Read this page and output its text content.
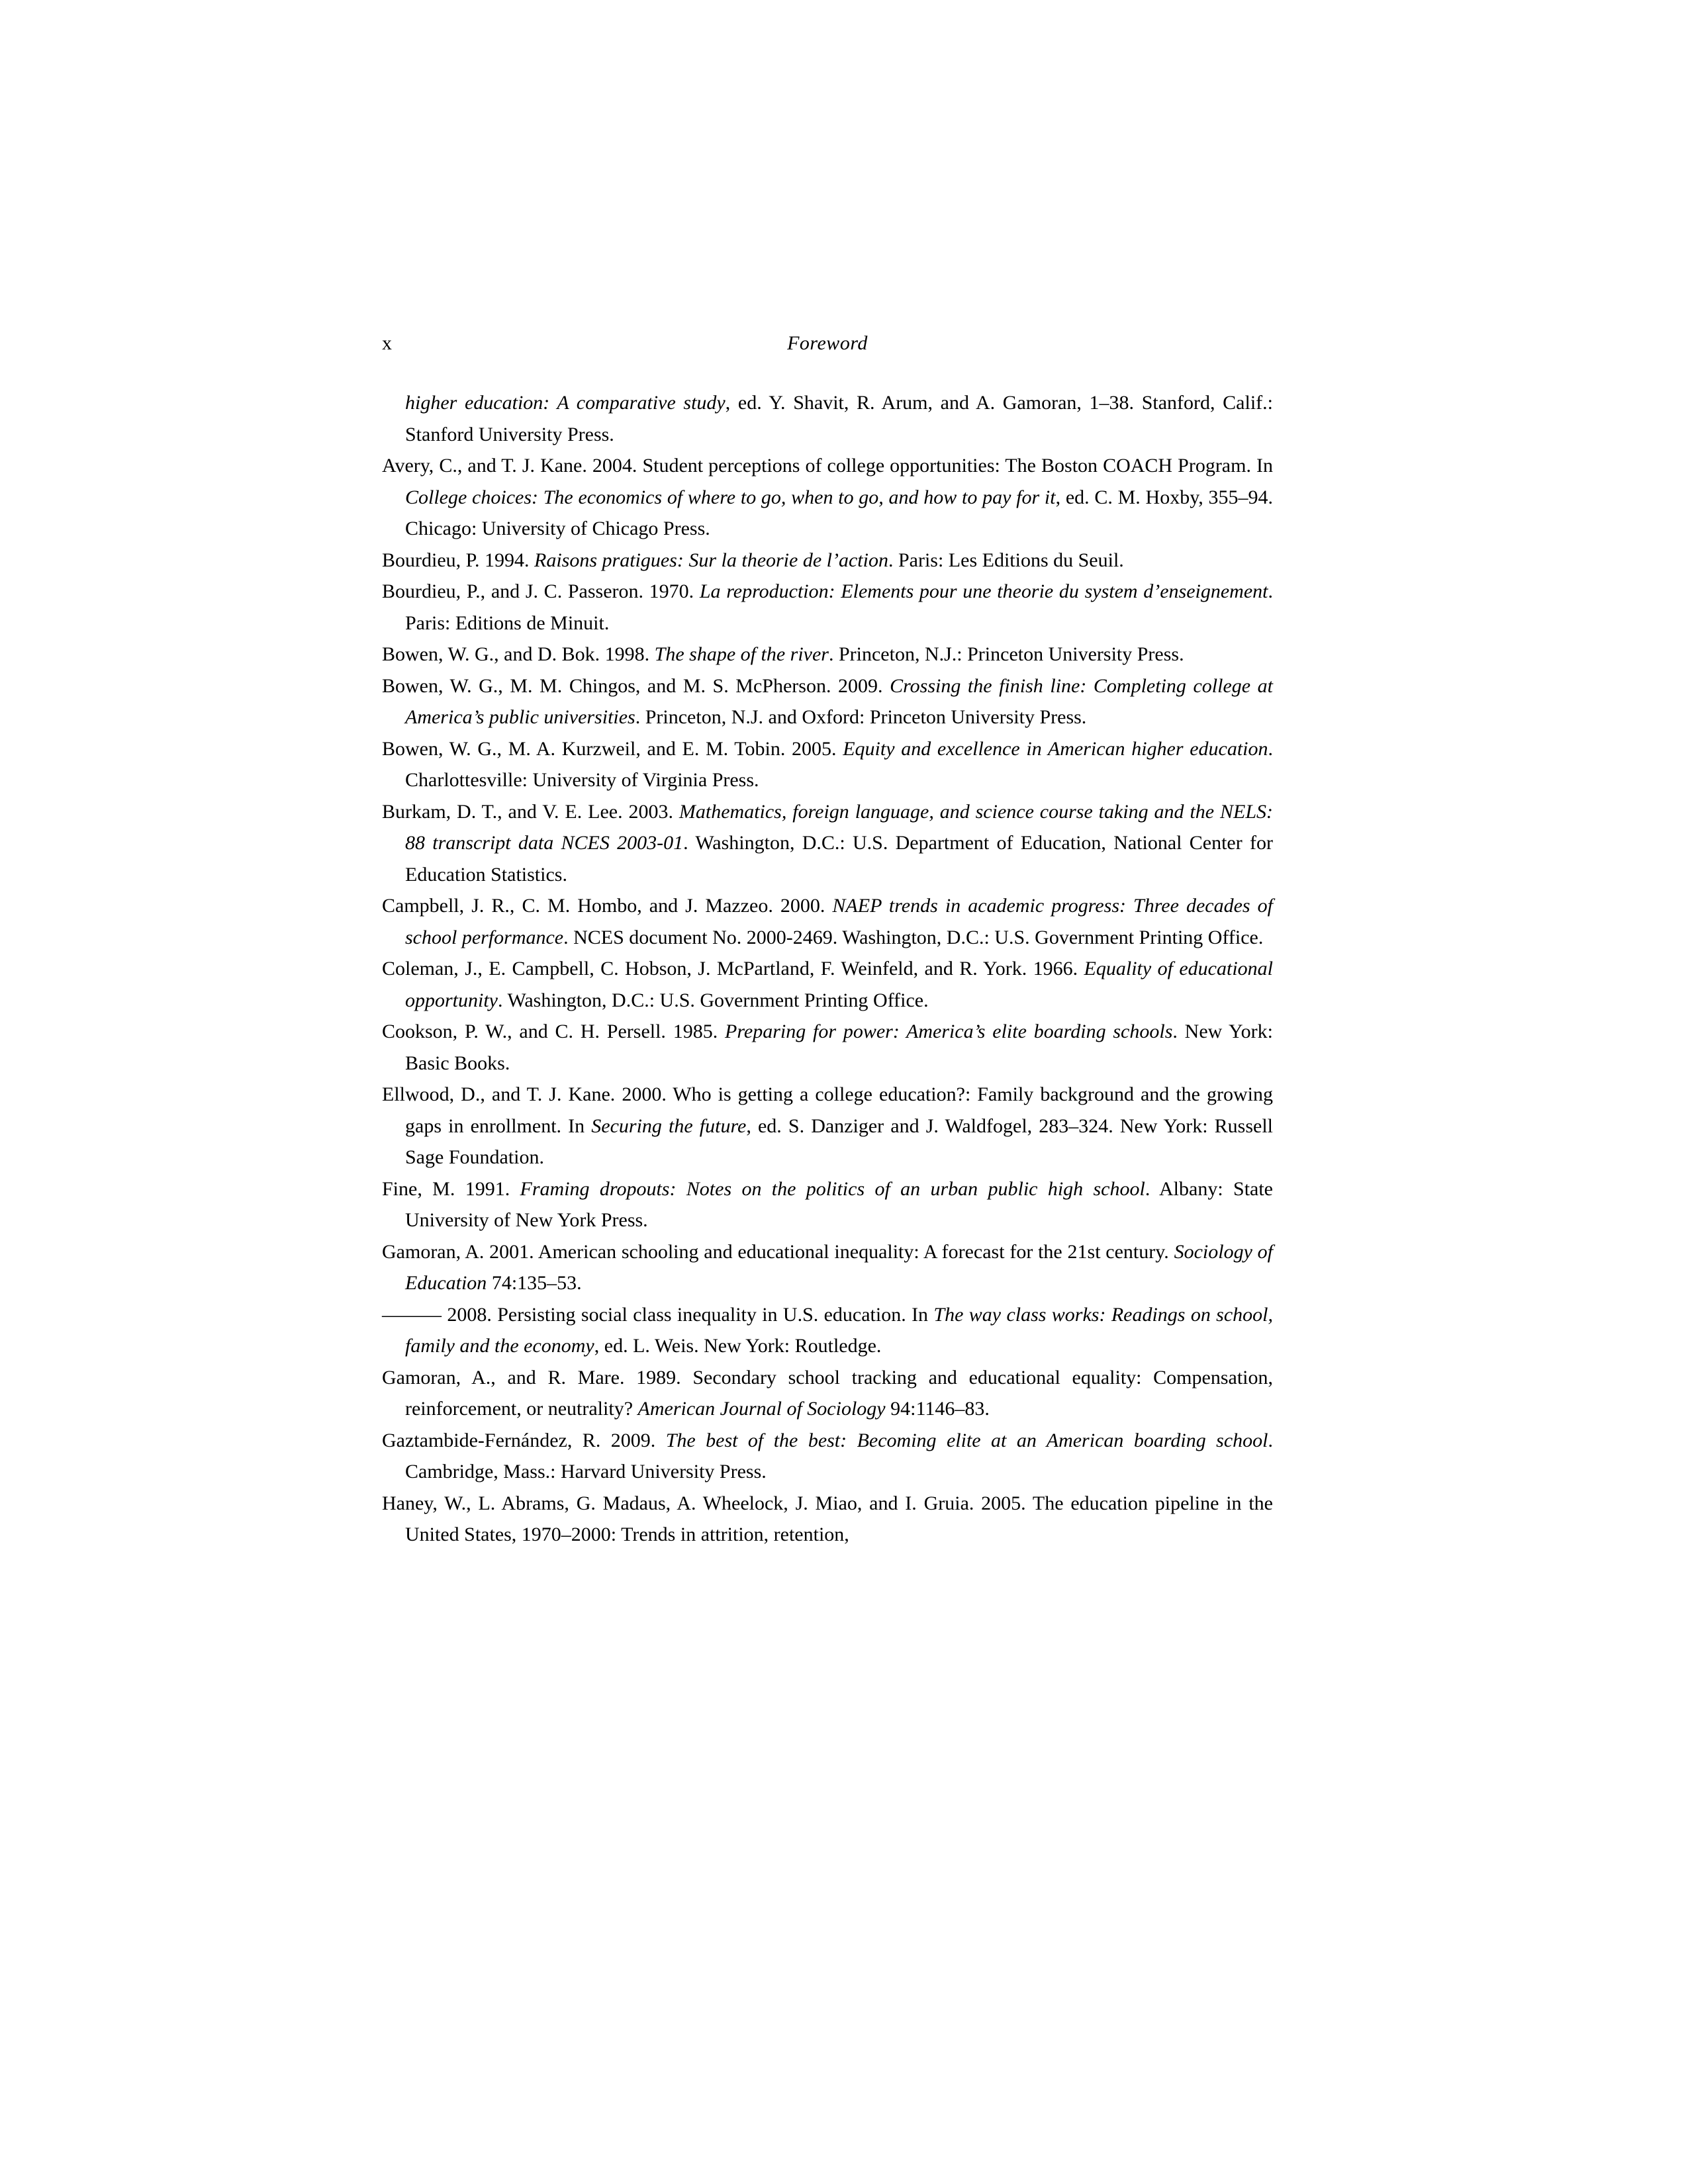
x	Foreword

higher education: A comparative study, ed. Y. Shavit, R. Arum, and A. Gamoran, 1–38. Stanford, Calif.: Stanford University Press.

Avery, C., and T. J. Kane. 2004. Student perceptions of college opportunities: The Boston COACH Program. In College choices: The economics of where to go, when to go, and how to pay for it, ed. C. M. Hoxby, 355–94. Chicago: University of Chicago Press.

Bourdieu, P. 1994. Raisons pratigues: Sur la theorie de l’action. Paris: Les Editions du Seuil.

Bourdieu, P., and J. C. Passeron. 1970. La reproduction: Elements pour une theorie du system d’enseignement. Paris: Editions de Minuit.

Bowen, W. G., and D. Bok. 1998. The shape of the river. Princeton, N.J.: Princeton University Press.

Bowen, W. G., M. M. Chingos, and M. S. McPherson. 2009. Crossing the finish line: Completing college at America’s public universities. Princeton, N.J. and Oxford: Princeton University Press.

Bowen, W. G., M. A. Kurzweil, and E. M. Tobin. 2005. Equity and excellence in American higher education. Charlottesville: University of Virginia Press.

Burkam, D. T., and V. E. Lee. 2003. Mathematics, foreign language, and science course taking and the NELS: 88 transcript data NCES 2003-01. Washington, D.C.: U.S. Department of Education, National Center for Education Statistics.

Campbell, J. R., C. M. Hombo, and J. Mazzeo. 2000. NAEP trends in academic progress: Three decades of school performance. NCES document No. 2000-2469. Washington, D.C.: U.S. Government Printing Office.

Coleman, J., E. Campbell, C. Hobson, J. McPartland, F. Weinfeld, and R. York. 1966. Equality of educational opportunity. Washington, D.C.: U.S. Government Printing Office.

Cookson, P. W., and C. H. Persell. 1985. Preparing for power: America’s elite boarding schools. New York: Basic Books.

Ellwood, D., and T. J. Kane. 2000. Who is getting a college education?: Family background and the growing gaps in enrollment. In Securing the future, ed. S. Danziger and J. Waldfogel, 283–324. New York: Russell Sage Foundation.

Fine, M. 1991. Framing dropouts: Notes on the politics of an urban public high school. Albany: State University of New York Press.

Gamoran, A. 2001. American schooling and educational inequality: A forecast for the 21st century. Sociology of Education 74:135–53.

——— 2008. Persisting social class inequality in U.S. education. In The way class works: Readings on school, family and the economy, ed. L. Weis. New York: Routledge.

Gamoran, A., and R. Mare. 1989. Secondary school tracking and educational equality: Compensation, reinforcement, or neutrality? American Journal of Sociology 94:1146–83.

Gaztambide-Fernández, R. 2009. The best of the best: Becoming elite at an American boarding school. Cambridge, Mass.: Harvard University Press.

Haney, W., L. Abrams, G. Madaus, A. Wheelock, J. Miao, and I. Gruia. 2005. The education pipeline in the United States, 1970–2000: Trends in attrition, retention,
